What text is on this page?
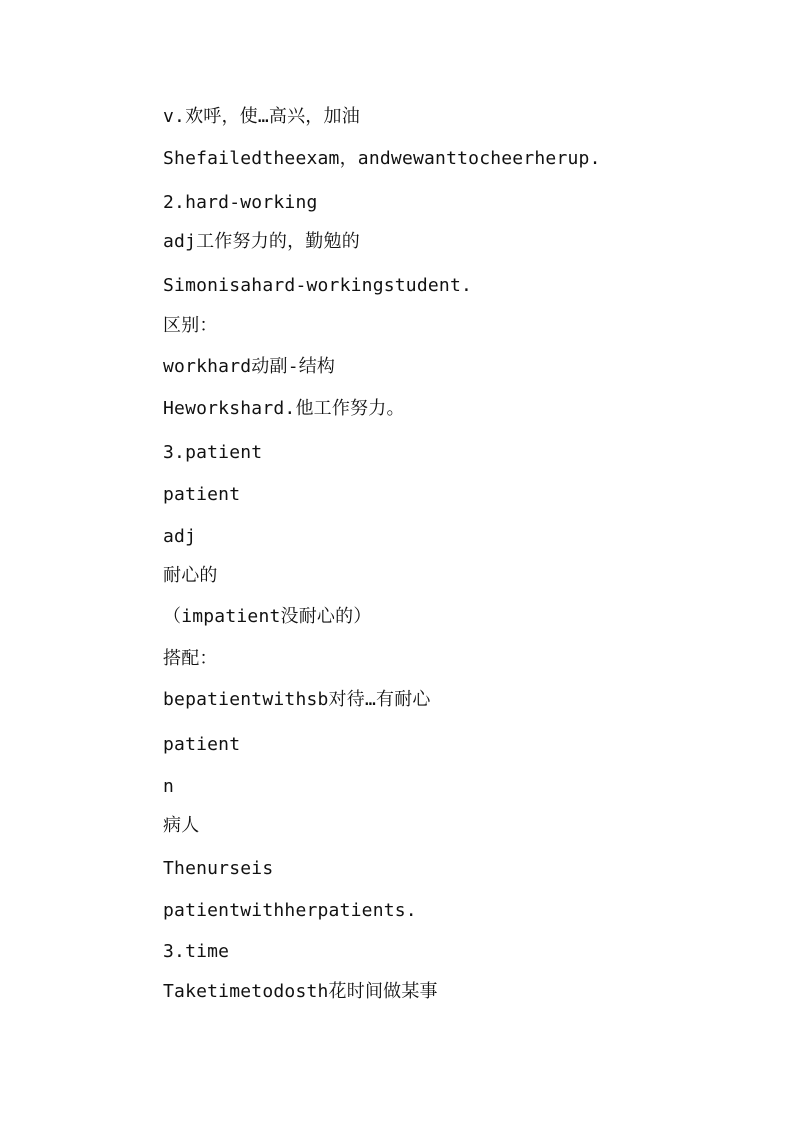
v.欢呼，使…高兴，加油

Shefailedtheexam，andwewanttocheerherup.

2.hard-working

adj工作努力的，勤勉的

Simonisahard-workingstudent.

区别：

workhard动副-结构

Heworkshard.他工作努力。

3.patient

patient

adj

耐心的

（impatient没耐心的）

搭配：

bepatientwithsb对待…有耐心

patient

n

病人

Thenurseis

patientwithherpatients.

3.time

Taketimetodosth花时间做某事
